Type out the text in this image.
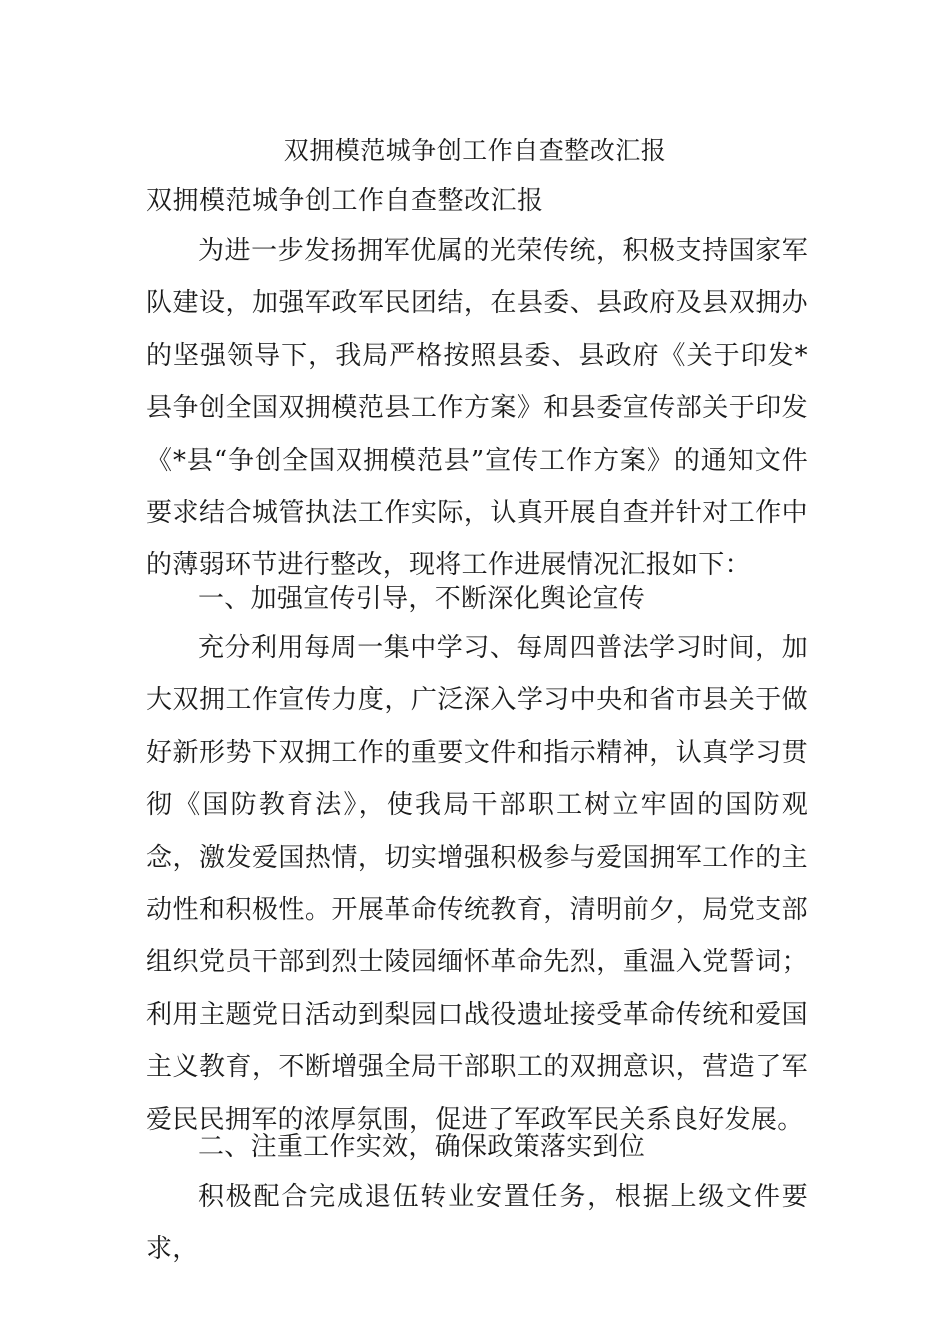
双拥模范城争创工作自查整改汇报
双拥模范城争创工作自查整改汇报
为进一步发扬拥军优属的光荣传统，积极支持国家军队建设，加强军政军民团结，在县委、县政府及县双拥办的坚强领导下，我局严格按照县委、县政府《关于印发*县争创全国双拥模范县工作方案》和县委宣传部关于印发《*县“争创全国双拥模范县”宣传工作方案》的通知文件要求结合城管执法工作实际，认真开展自查并针对工作中的薄弱环节进行整改，现将工作进展情况汇报如下：
一、加强宣传引导，不断深化舆论宣传
充分利用每周一集中学习、每周四普法学习时间，加大双拥工作宣传力度，广泛深入学习中央和省市县关于做好新形势下双拥工作的重要文件和指示精神，认真学习贯彻《国防教育法》，使我局干部职工树立牢固的国防观念，激发爱国热情，切实增强积极参与爱国拥军工作的主动性和积极性。开展革命传统教育，清明前夕，局党支部组织党员干部到烈士陵园缅怀革命先烈，重温入党誓词；利用主题党日活动到梨园口战役遗址接受革命传统和爱国主义教育，不断增强全局干部职工的双拥意识，营造了军爱民民拥军的浓厚氛围，促进了军政军民关系良好发展。
二、注重工作实效，确保政策落实到位
积极配合完成退伍转业安置任务，根据上级文件要求，
